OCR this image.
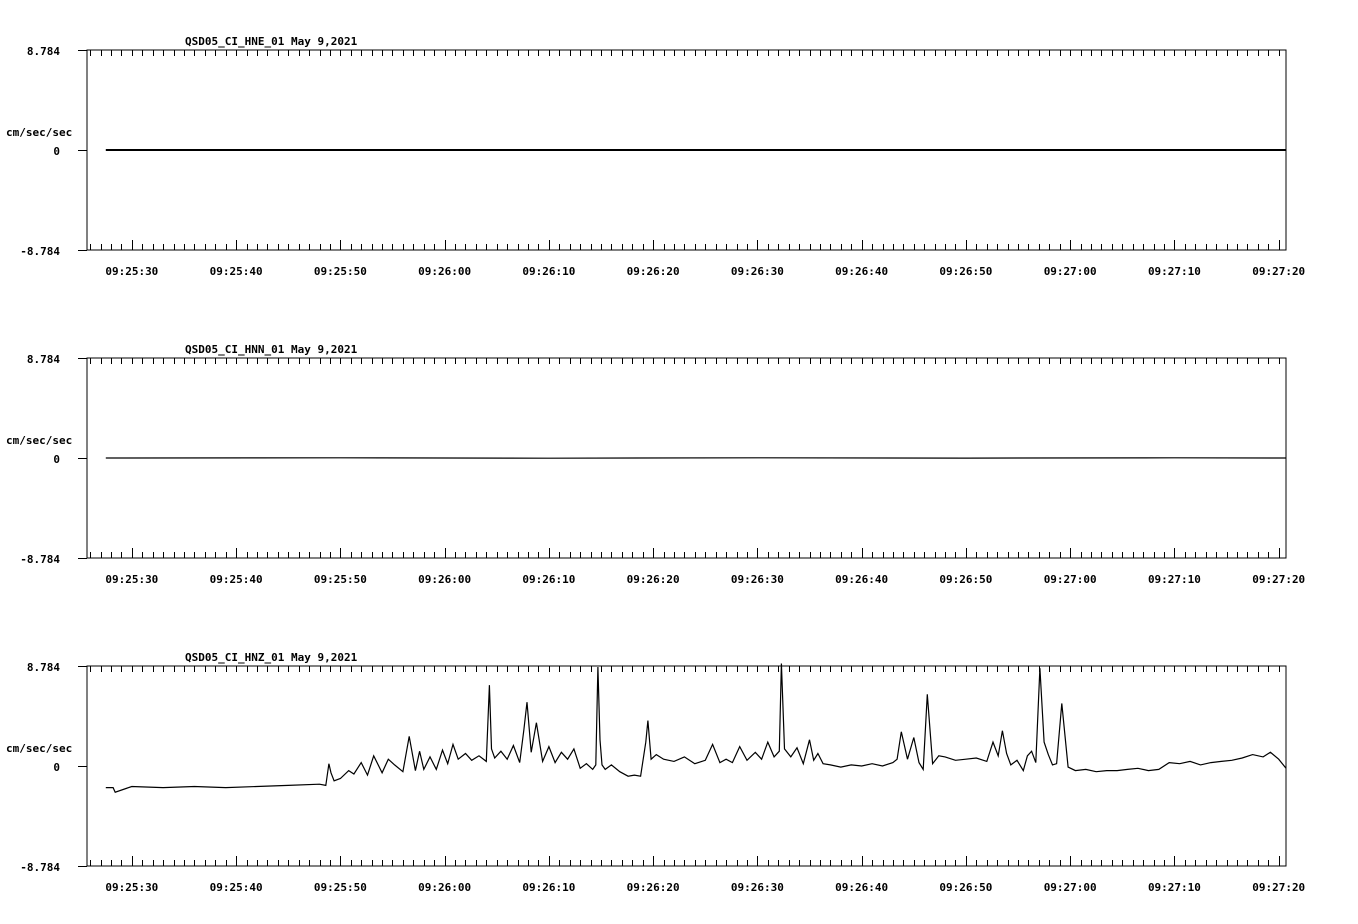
QSD05_CI_HNE_01 May 9,2021
cm/sec/sec
8.784
0
-8.784
09:25:30	09:25:40	09:25:50	09:26:00	09:26:10	09:26:20	09:26:30	09:26:40	09:26:50	09:27:00	09:27:10	09:27:20
QSD05_CI_HNN_01 May 9,2021
cm/sec/sec
8.784
0
-8.784
09:25:30	09:25:40	09:25:50	09:26:00	09:26:10	09:26:20	09:26:30	09:26:40	09:26:50	09:27:00	09:27:10	09:27:20
QSD05_CI_HNZ_01 May 9,2021
cm/sec/sec
8.784
0
-8.784
09:25:30	09:25:40	09:25:50	09:26:00	09:26:10	09:26:20	09:26:30	09:26:40	09:26:50	09:27:00	09:27:10	09:27:20
